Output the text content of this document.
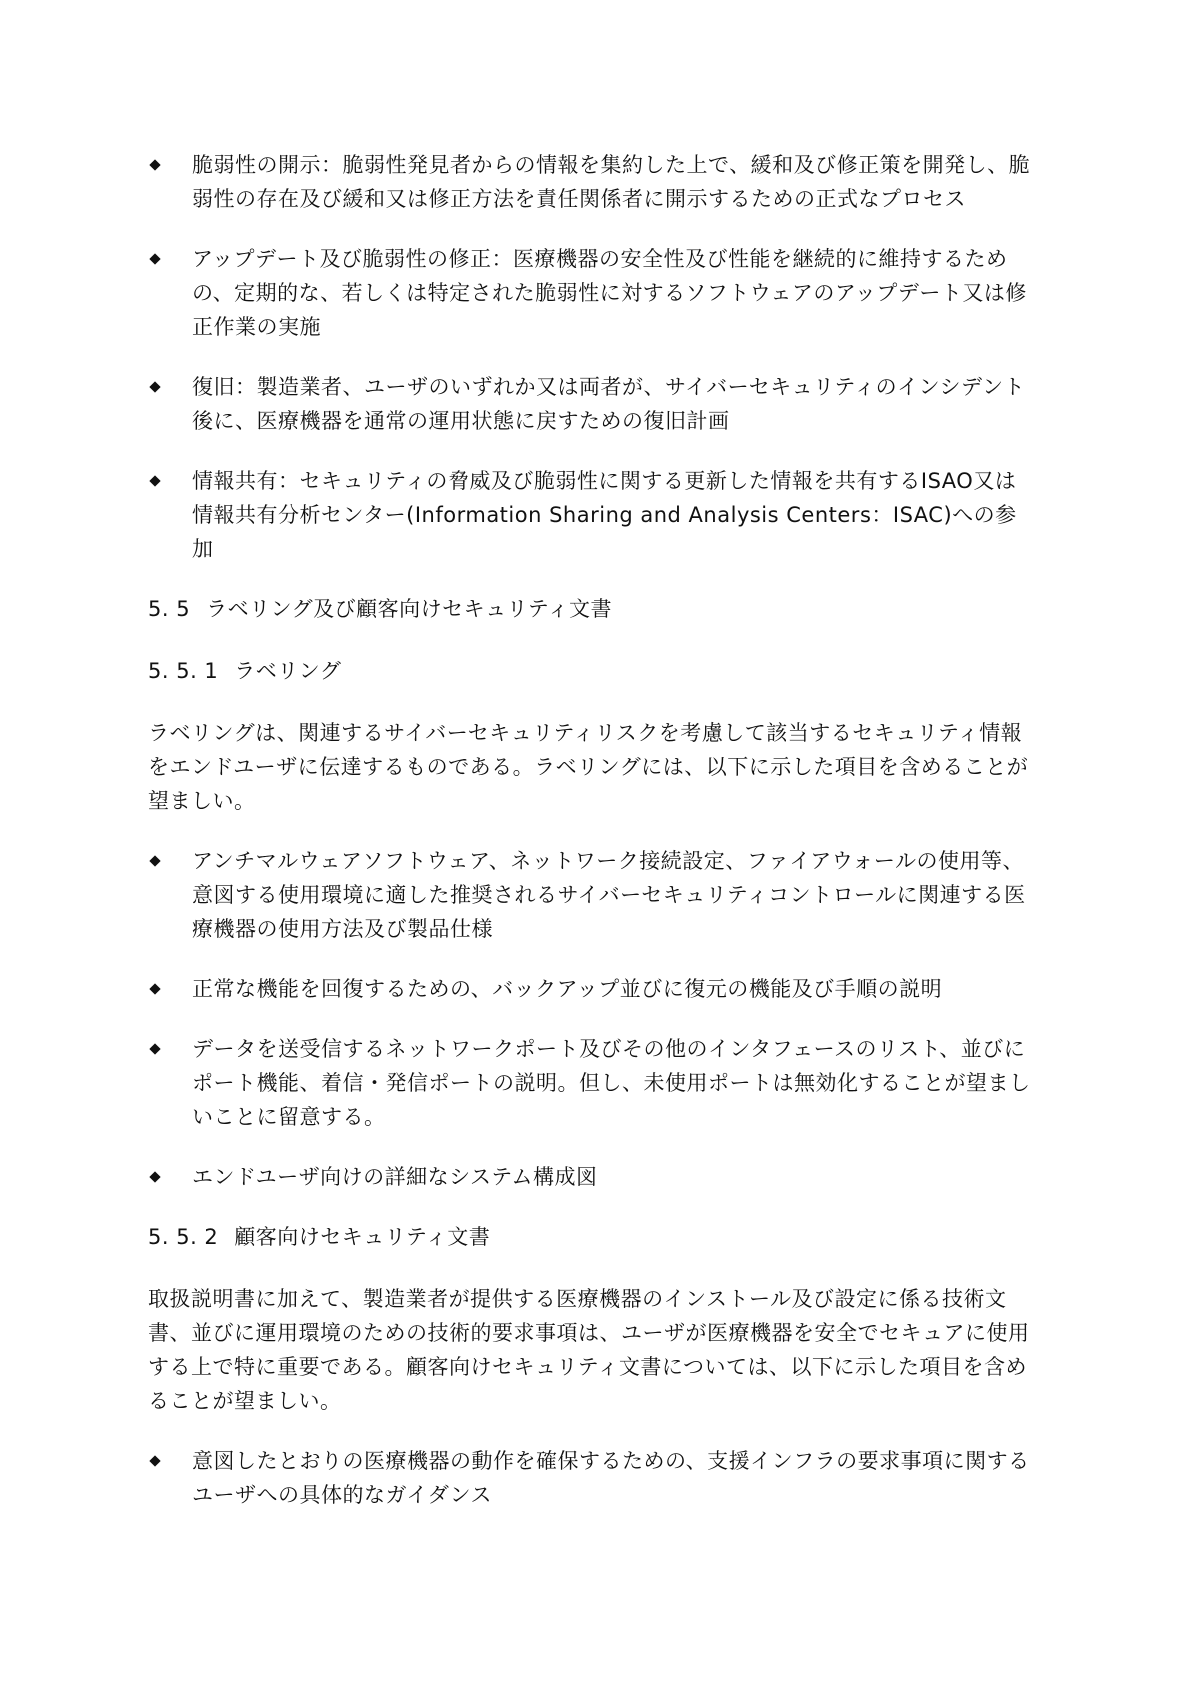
脆弱性の開示：脆弱性発見者からの情報を集約した上で、緩和及び修正策を開発し、脆弱性の存在及び緩和又は修正方法を責任関係者に開示するための正式なプロセス
アップデート及び脆弱性の修正：医療機器の安全性及び性能を継続的に維持するための、定期的な、若しくは特定された脆弱性に対するソフトウェアのアップデート又は修正作業の実施
復旧：製造業者、ユーザのいずれか又は両者が、サイバーセキュリティのインシデント後に、医療機器を通常の運用状態に戻すための復旧計画
情報共有：セキュリティの脅威及び脆弱性に関する更新した情報を共有するISAO又は情報共有分析センター(Information Sharing and Analysis Centers：ISAC)への参加
5. 5 ラベリング及び顧客向けセキュリティ文書
5. 5. 1 ラベリング

ラベリングは、関連するサイバーセキュリティリスクを考慮して該当するセキュリティ情報をエンドユーザに伝達するものである。ラベリングには、以下に示した項目を含めることが望ましい。

アンチマルウェアソフトウェア、ネットワーク接続設定、ファイアウォールの使用等、意図する使用環境に適した推奨されるサイバーセキュリティコントロールに関連する医療機器の使用方法及び製品仕様
正常な機能を回復するための、バックアップ並びに復元の機能及び手順の説明
データを送受信するネットワークポート及びその他のインタフェースのリスト、並びにポート機能、着信・発信ポートの説明。但し、未使用ポートは無効化することが望ましいことに留意する。
エンドユーザ向けの詳細なシステム構成図
5. 5. 2 顧客向けセキュリティ文書

取扱説明書に加えて、製造業者が提供する医療機器のインストール及び設定に係る技術文書、並びに運用環境のための技術的要求事項は、ユーザが医療機器を安全でセキュアに使用する上で特に重要である。顧客向けセキュリティ文書については、以下に示した項目を含めることが望ましい。

意図したとおりの医療機器の動作を確保するための、支援インフラの要求事項に関するユーザへの具体的なガイダンス
